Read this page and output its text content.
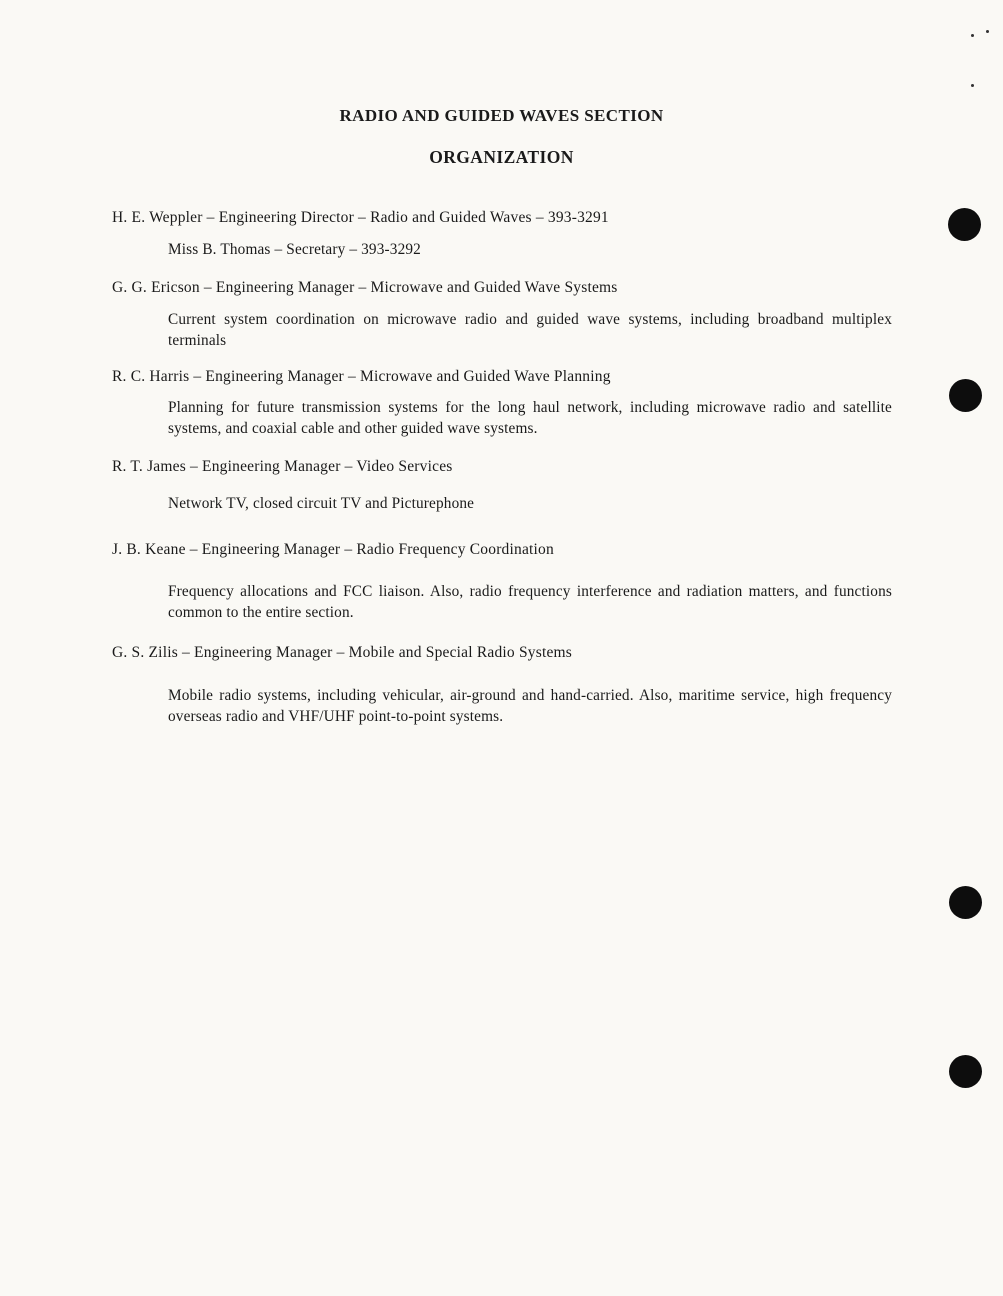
RADIO AND GUIDED WAVES SECTION
ORGANIZATION
H. E. Weppler – Engineering Director – Radio and Guided Waves – 393-3291
Miss B. Thomas – Secretary – 393-3292
G. G. Ericson – Engineering Manager – Microwave and Guided Wave Systems
Current system coordination on microwave radio and guided wave systems, including broadband multiplex terminals
R. C. Harris – Engineering Manager – Microwave and Guided Wave Planning
Planning for future transmission systems for the long haul network, including microwave radio and satellite systems, and coaxial cable and other guided wave systems.
R. T. James – Engineering Manager – Video Services
Network TV, closed circuit TV and Picturephone
J. B. Keane – Engineering Manager – Radio Frequency Coordination
Frequency allocations and FCC liaison. Also, radio frequency interference and radiation matters, and functions common to the entire section.
G. S. Zilis – Engineering Manager – Mobile and Special Radio Systems
Mobile radio systems, including vehicular, air-ground and hand-carried. Also, maritime service, high frequency overseas radio and VHF/UHF point-to-point systems.
